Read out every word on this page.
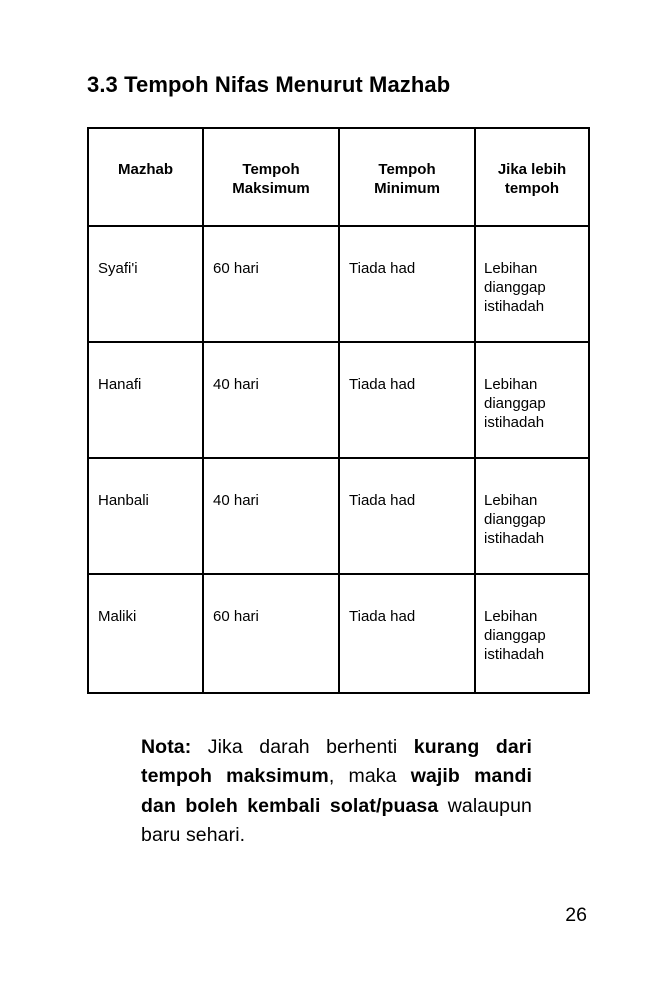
3.3 Tempoh Nifas Menurut Mazhab
Mazhab	Tempoh Maksimum	Tempoh Minimum	Jika lebih tempoh
Syafi'i	60 hari	Tiada had	Lebihan dianggap istihadah
Hanafi	40 hari	Tiada had	Lebihan dianggap istihadah
Hanbali	40 hari	Tiada had	Lebihan dianggap istihadah
Maliki	60 hari	Tiada had	Lebihan dianggap istihadah

Nota: Jika darah berhenti kurang dari tempoh maksimum, maka wajib mandi dan boleh kembali solat/puasa walaupun baru sehari.

26
